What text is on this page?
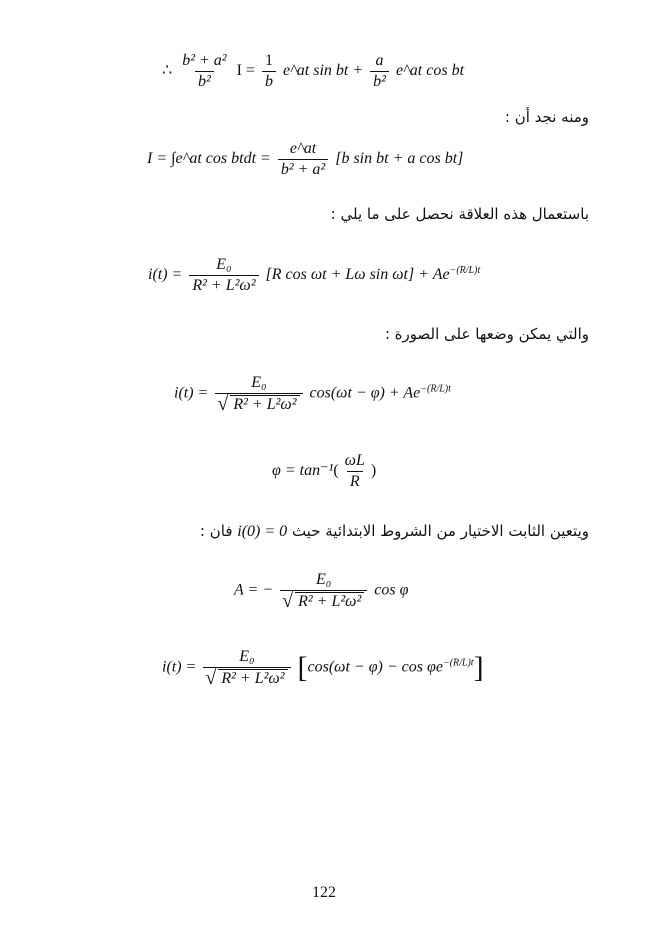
∴ $\frac{\text{b² + a²}}{\text{b²}}$ $I = \frac{1}{b}$ e^at sin bt + $\frac{a}{\text{b²}}$ e^at cos bt
ومنه نجد أن :
I = ∫e^at cos btdt = $\frac{e\^{}at}{\text{b² + a²}} [b$ sin bt + a cos bt]
باستعمال هذه العلاقة نحصل على ما يلي :
$i(t) = \frac{\text{E₀}}{\text{R² + L²ω²}} [R$ cos ωt + Lω $\sin \omega t] + Ae^{-(R/L)t}$
والتي يمكن وضعها على الصورة :
i(t) = E₀
√ R² + L²ω² $\cos(\omega t - \varphi) + Ae^{-(R/L)t}$
$\varphi = \tan^{-1}( \frac{\omega L}{R}$ )
ويتعين الثابت الاختيار من الشروط الابتدائية حيث i(0) = 0 فان :
A = − E₀
√ R² + L²ω² cos φ
i(t) = E₀
√ R² + L²ω² $[\cos(\omega t - \varphi) - \cos \varphi e^{-(R/L)t}]$
122
